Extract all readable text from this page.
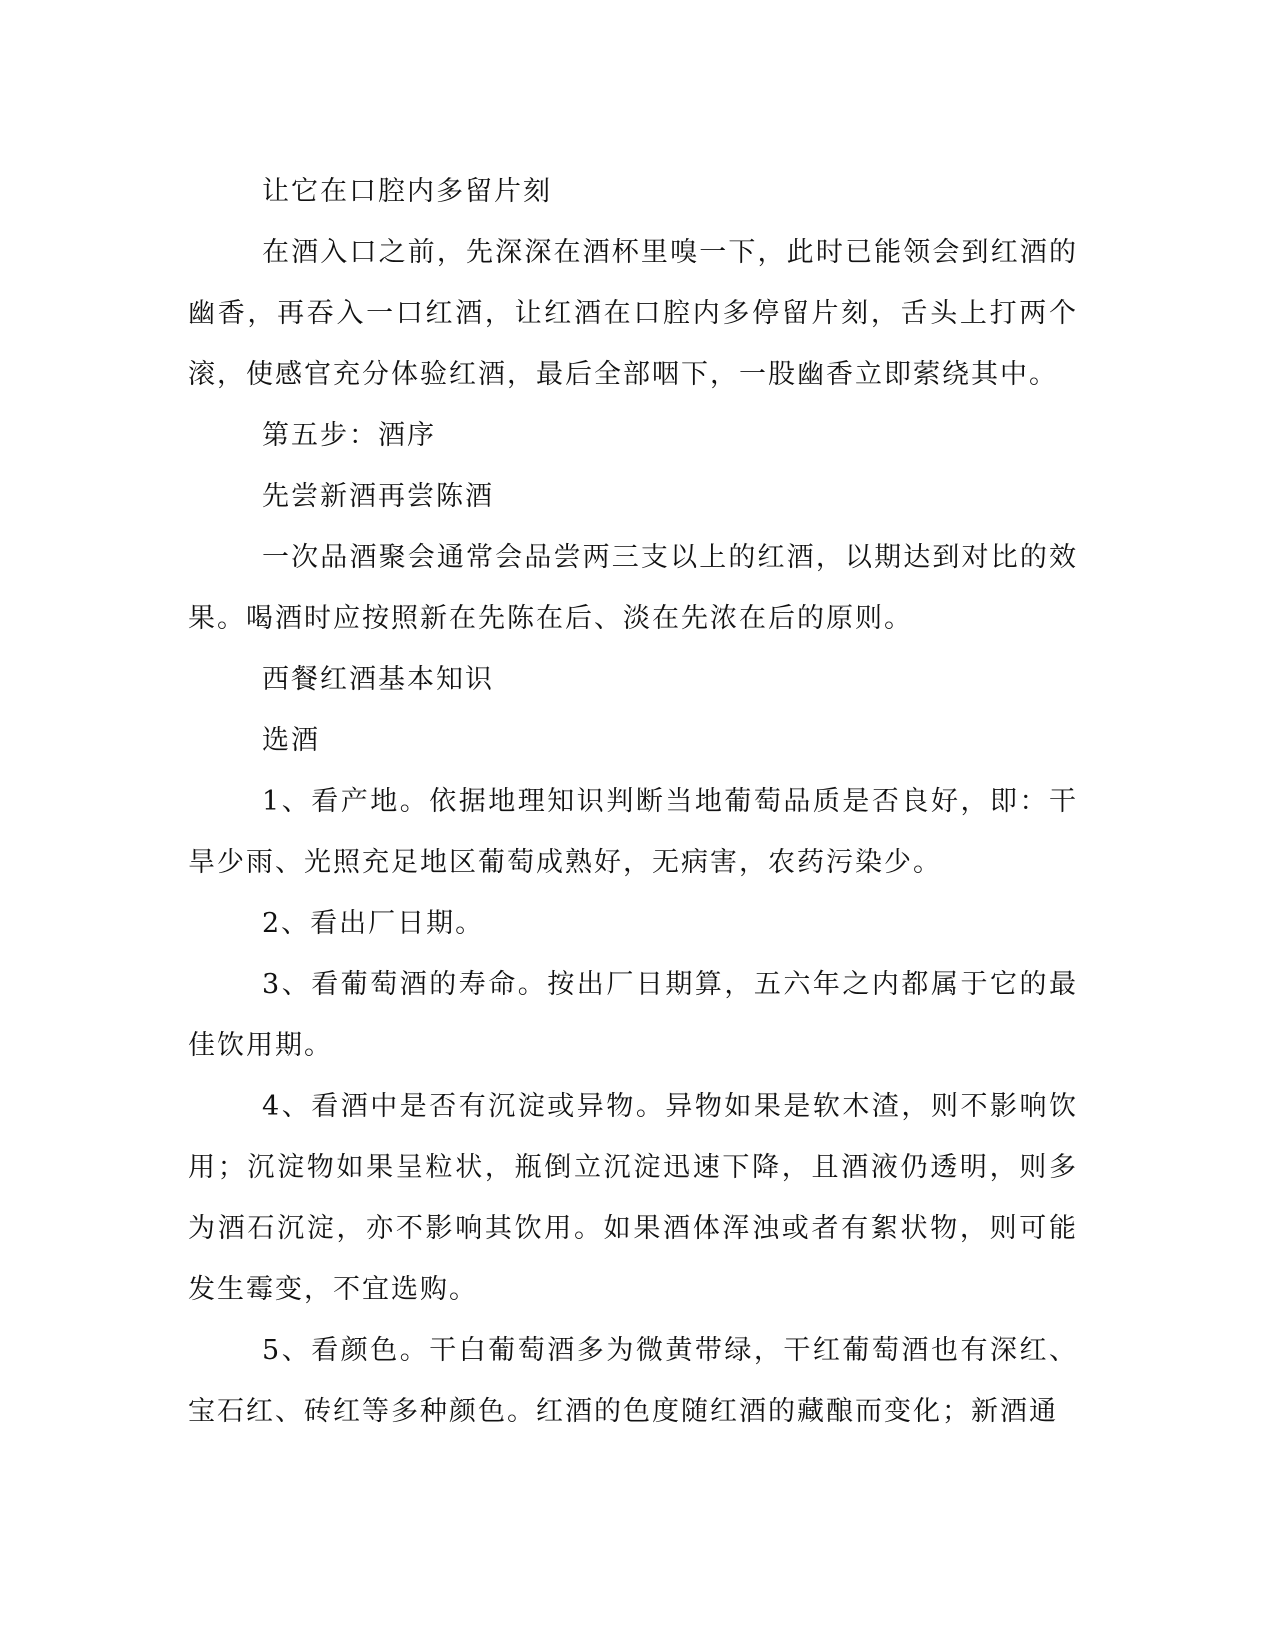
让它在口腔内多留片刻

在酒入口之前，先深深在酒杯里嗅一下，此时已能领会到红酒的幽香，再吞入一口红酒，让红酒在口腔内多停留片刻，舌头上打两个滚，使感官充分体验红酒，最后全部咽下，一股幽香立即萦绕其中。

第五步：酒序

先尝新酒再尝陈酒

一次品酒聚会通常会品尝两三支以上的红酒，以期达到对比的效果。喝酒时应按照新在先陈在后、淡在先浓在后的原则。

西餐红酒基本知识

选酒

1、看产地。依据地理知识判断当地葡萄品质是否良好，即：干旱少雨、光照充足地区葡萄成熟好，无病害，农药污染少。

2、看出厂日期。

3、看葡萄酒的寿命。按出厂日期算，五六年之内都属于它的最佳饮用期。

4、看酒中是否有沉淀或异物。异物如果是软木渣，则不影响饮用；沉淀物如果呈粒状，瓶倒立沉淀迅速下降，且酒液仍透明，则多为酒石沉淀，亦不影响其饮用。如果酒体浑浊或者有絮状物，则可能发生霉变，不宜选购。

5、看颜色。干白葡萄酒多为微黄带绿，干红葡萄酒也有深红、宝石红、砖红等多种颜色。红酒的色度随红酒的藏酿而变化；新酒通
